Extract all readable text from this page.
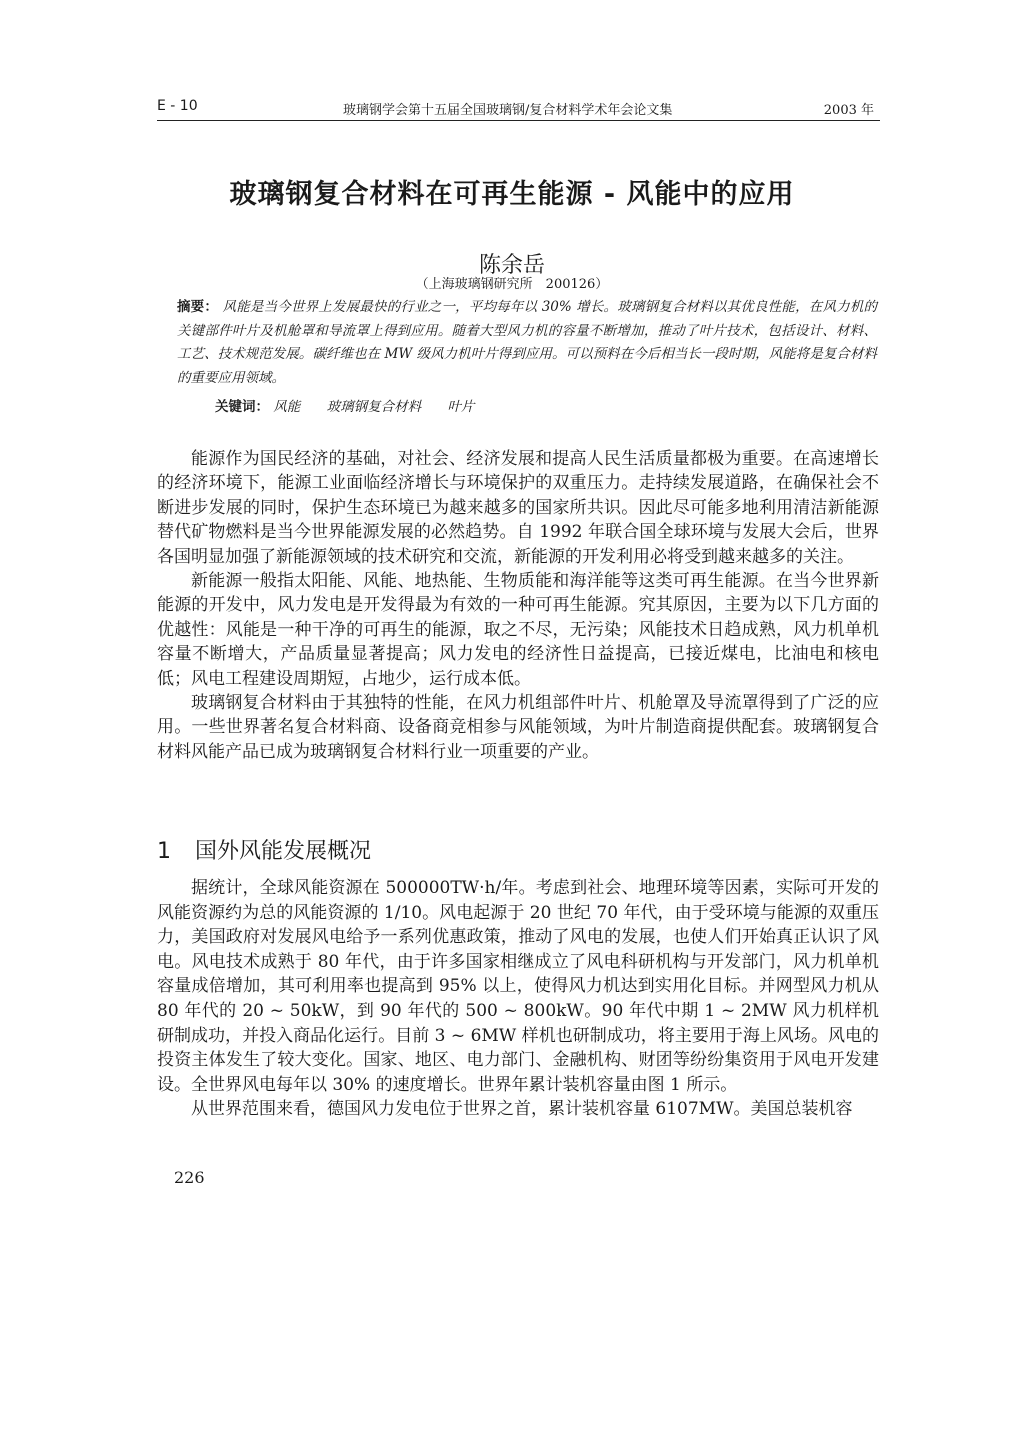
E - 10	玻璃钢学会第十五届全国玻璃钢/复合材料学术年会论文集	2003 年
玻璃钢复合材料在可再生能源 - 风能中的应用
陈余岳
（上海玻璃钢研究所　200126）
摘要： 风能是当今世界上发展最快的行业之一，平均每年以 30% 增长。玻璃钢复合材料以其优良性能，在风力机的关键部件叶片及机舱罩和导流罩上得到应用。随着大型风力机的容量不断增加，推动了叶片技术，包括设计、材料、工艺、技术规范发展。碳纤维也在 MW 级风力机叶片得到应用。可以预料在今后相当长一段时期，风能将是复合材料的重要应用领域。
关键词： 风能 玻璃钢复合材料 叶片

能源作为国民经济的基础，对社会、经济发展和提高人民生活质量都极为重要。在高速增长的经济环境下，能源工业面临经济增长与环境保护的双重压力。走持续发展道路，在确保社会不断进步发展的同时，保护生态环境已为越来越多的国家所共识。因此尽可能多地利用清洁新能源替代矿物燃料是当今世界能源发展的必然趋势。自 1992 年联合国全球环境与发展大会后，世界各国明显加强了新能源领域的技术研究和交流，新能源的开发利用必将受到越来越多的关注。

新能源一般指太阳能、风能、地热能、生物质能和海洋能等这类可再生能源。在当今世界新能源的开发中，风力发电是开发得最为有效的一种可再生能源。究其原因，主要为以下几方面的优越性：风能是一种干净的可再生的能源，取之不尽，无污染；风能技术日趋成熟，风力机单机容量不断增大，产品质量显著提高；风力发电的经济性日益提高，已接近煤电，比油电和核电低；风电工程建设周期短，占地少，运行成本低。

玻璃钢复合材料由于其独特的性能，在风力机组部件叶片、机舱罩及导流罩得到了广泛的应用。一些世界著名复合材料商、设备商竞相参与风能领域，为叶片制造商提供配套。玻璃钢复合材料风能产品已成为玻璃钢复合材料行业一项重要的产业。

1 国外风能发展概况

据统计，全球风能资源在 500000TW·h/年。考虑到社会、地理环境等因素，实际可开发的风能资源约为总的风能资源的 1/10。风电起源于 20 世纪 70 年代，由于受环境与能源的双重压力，美国政府对发展风电给予一系列优惠政策，推动了风电的发展，也使人们开始真正认识了风电。风电技术成熟于 80 年代，由于许多国家相继成立了风电科研机构与开发部门，风力机单机容量成倍增加，其可利用率也提高到 95% 以上，使得风力机达到实用化目标。并网型风力机从 80 年代的 20 ~ 50kW，到 90 年代的 500 ~ 800kW。90 年代中期 1 ~ 2MW 风力机样机研制成功，并投入商品化运行。目前 3 ~ 6MW 样机也研制成功，将主要用于海上风场。风电的投资主体发生了较大变化。国家、地区、电力部门、金融机构、财团等纷纷集资用于风电开发建设。全世界风电每年以 30% 的速度增长。世界年累计装机容量由图 1 所示。

从世界范围来看，德国风力发电位于世界之首，累计装机容量 6107MW。美国总装机容

226
